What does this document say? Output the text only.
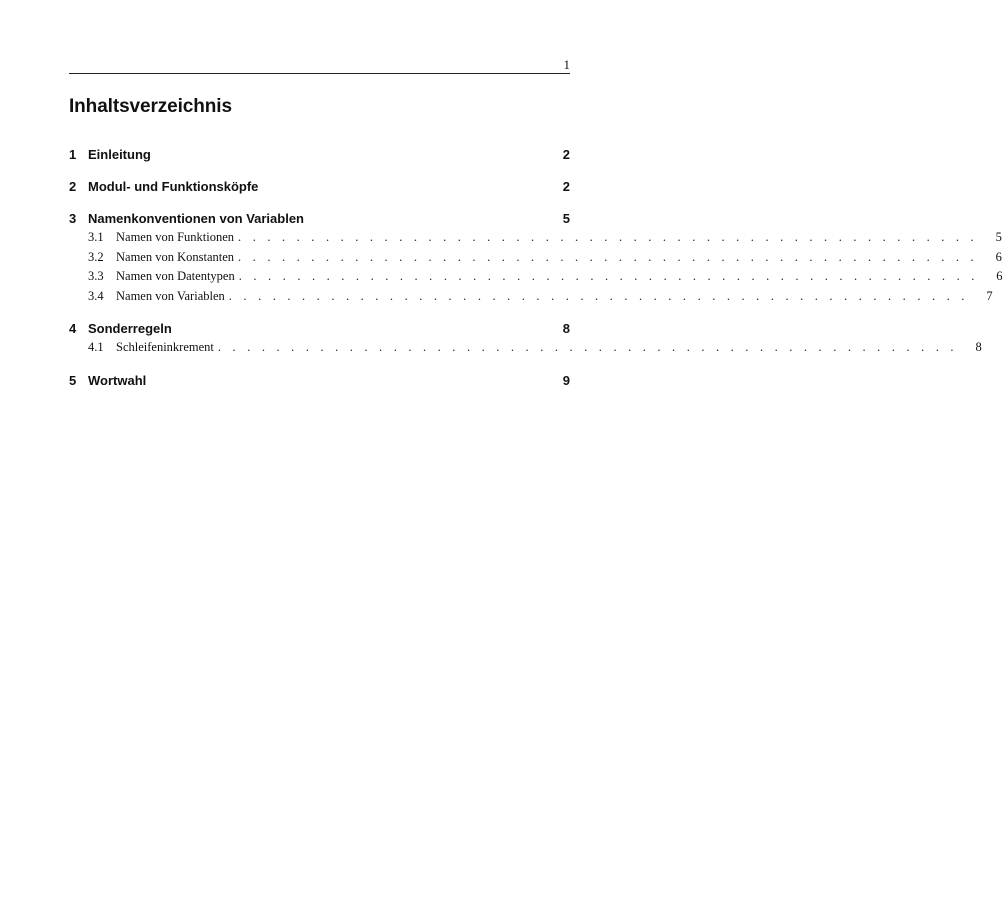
1
Inhaltsverzeichnis
1 Einleitung	2
2 Modul- und Funktionsköpfe	2
3 Namenkonventionen von Variablen	5
3.1 Namen von Funktionen . . . . . . . . . . . . . . . . . . . . . . . . . . . . . . . . . . . . . . . . . . . . . . . . . . .	5
3.2 Namen von Konstanten . . . . . . . . . . . . . . . . . . . . . . . . . . . . . . . . . . . . . . . . . . . . . . . . . . .	6
3.3 Namen von Datentypen . . . . . . . . . . . . . . . . . . . . . . . . . . . . . . . . . . . . . . . . . . . . . . . . . . .	6
3.4 Namen von Variablen . . . . . . . . . . . . . . . . . . . . . . . . . . . . . . . . . . . . . . . . . . . . . . . . . . .	7
4 Sonderregeln	8
4.1 Schleifeninkrement . . . . . . . . . . . . . . . . . . . . . . . . . . . . . . . . . . . . . . . . . . . . . . . . . . .	8
5 Wortwahl	9
